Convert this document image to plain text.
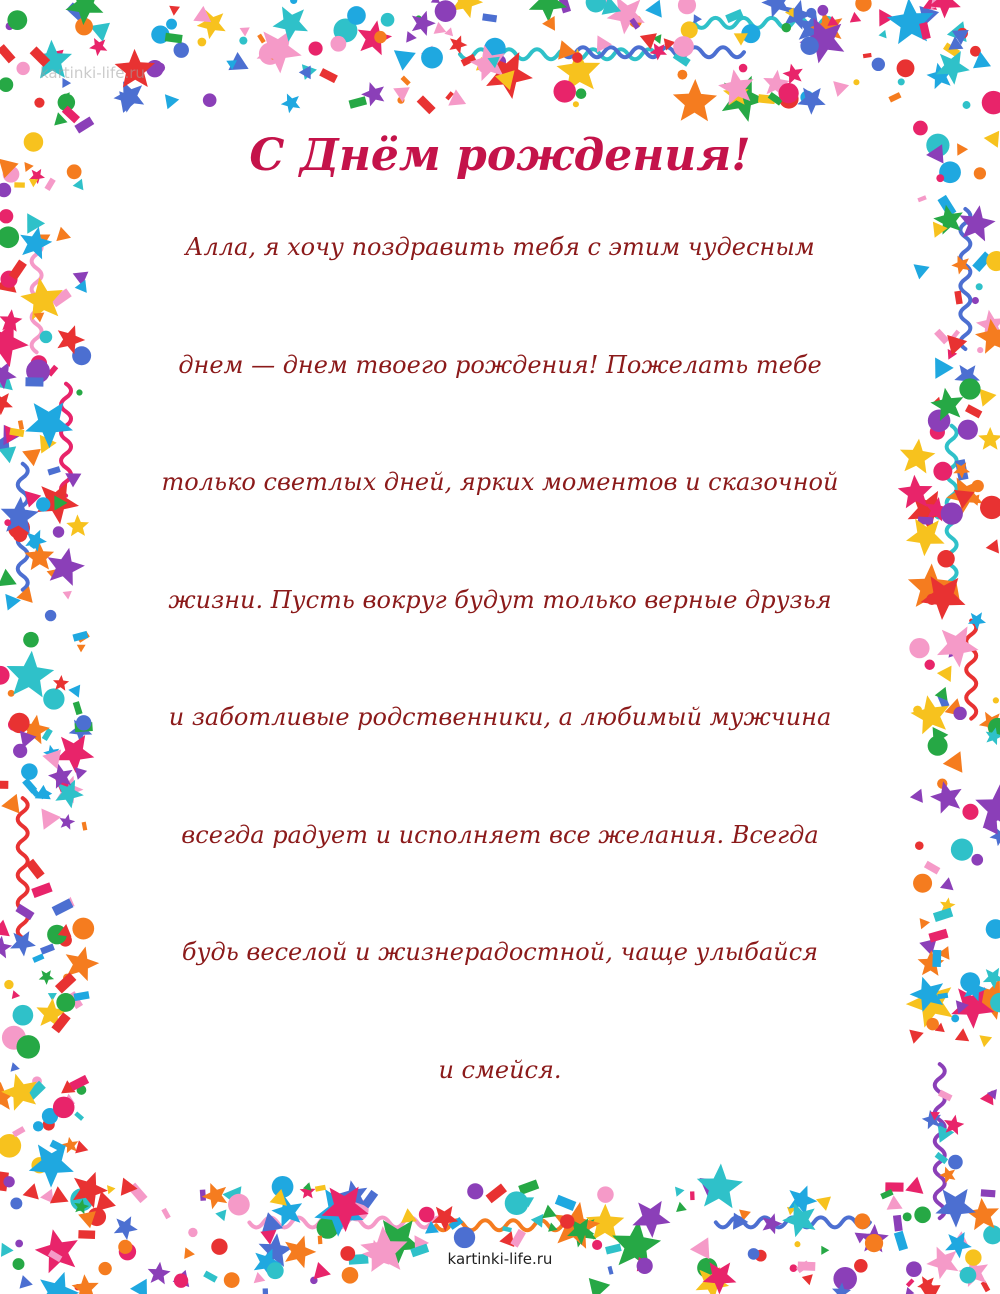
kartinki-life.ru
С Днём рождения!
Алла, я хочу поздравить тебя с этим чудесным
днем — днем твоего рождения! Пожелать тебе
только светлых дней, ярких моментов и сказочной
жизни. Пусть вокруг будут только верные друзья
и заботливые родственники, а любимый мужчина
всегда радует и исполняет все желания. Всегда
будь веселой и жизнерадостной, чаще улыбайся
и смейся.
kartinki-life.ru
